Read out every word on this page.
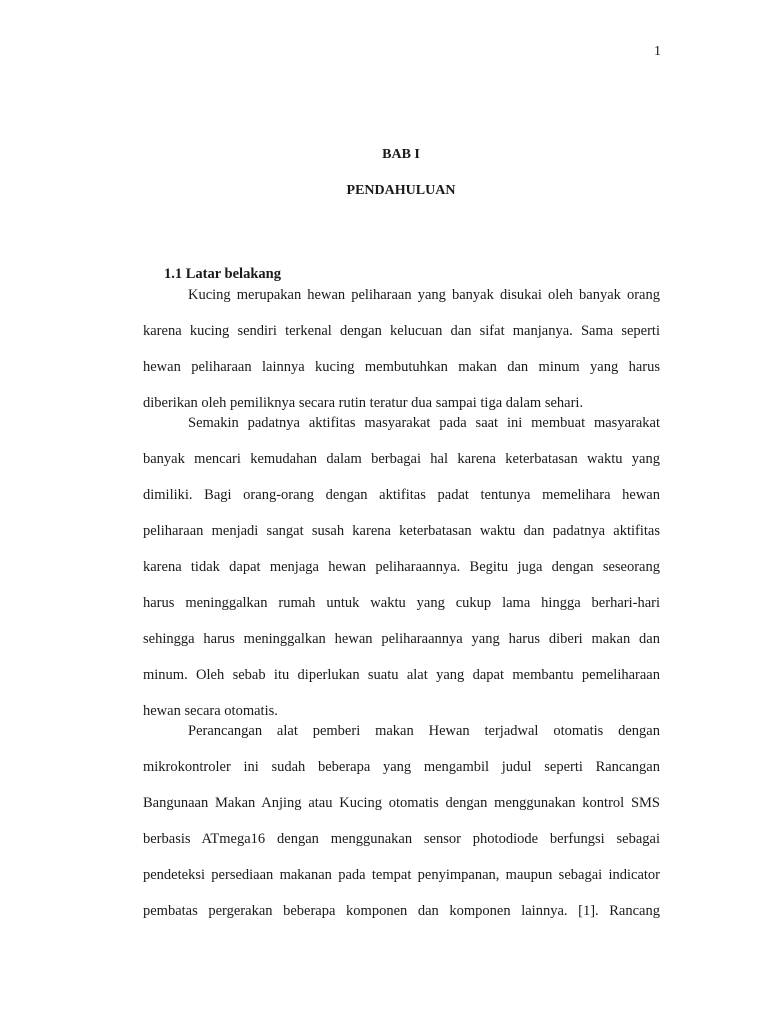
1
BAB I
PENDAHULUAN
1.1 Latar belakang
Kucing merupakan hewan peliharaan yang banyak disukai oleh banyak orang
karena kucing sendiri terkenal dengan kelucuan dan sifat manjanya. Sama seperti
hewan peliharaan lainnya kucing membutuhkan makan dan minum yang harus
diberikan oleh pemiliknya secara rutin teratur dua sampai tiga dalam sehari.
Semakin padatnya aktifitas masyarakat pada saat ini membuat masyarakat
banyak mencari kemudahan dalam berbagai hal karena keterbatasan waktu yang
dimiliki. Bagi orang-orang dengan aktifitas padat tentunya memelihara hewan
peliharaan menjadi sangat susah karena keterbatasan waktu dan padatnya aktifitas
karena tidak dapat menjaga hewan peliharaannya. Begitu juga dengan seseorang
harus meninggalkan rumah untuk waktu yang cukup lama hingga berhari-hari
sehingga harus meninggalkan hewan peliharaannya yang harus diberi makan dan
minum. Oleh sebab itu diperlukan suatu alat yang dapat membantu pemeliharaan
hewan secara otomatis.
Perancangan alat pemberi makan Hewan terjadwal otomatis dengan
mikrokontroler ini sudah beberapa yang mengambil judul seperti Rancangan
Bangunaan Makan Anjing atau Kucing otomatis dengan menggunakan kontrol SMS
berbasis ATmega16 dengan menggunakan sensor photodiode berfungsi sebagai
pendeteksi persediaan makanan pada tempat penyimpanan, maupun sebagai indicator
pembatas pergerakan beberapa komponen dan komponen lainnya. [1]. Rancang
